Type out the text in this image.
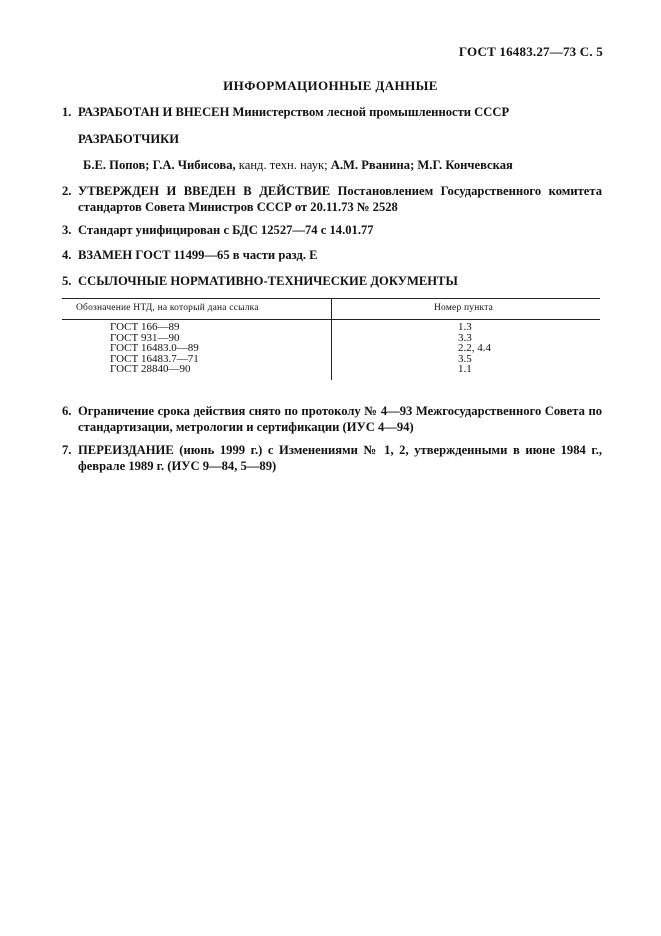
ГОСТ 16483.27—73 С. 5
ИНФОРМАЦИОННЫЕ ДАННЫЕ
1. РАЗРАБОТАН И ВНЕСЕН Министерством лесной промышленности СССР
РАЗРАБОТЧИКИ
Б.Е. Попов; Г.А. Чибисова, канд. техн. наук; А.М. Рванина; М.Г. Кончевская
2. УТВЕРЖДЕН И ВВЕДЕН В ДЕЙСТВИЕ Постановлением Государственного комитета стандартов Совета Министров СССР от 20.11.73 № 2528
3. Стандарт унифицирован с БДС 12527—74 с 14.01.77
4. ВЗАМЕН ГОСТ 11499—65 в части разд. Е
5. ССЫЛОЧНЫЕ НОРМАТИВНО-ТЕХНИЧЕСКИЕ ДОКУМЕНТЫ
Обозначение НТД, на который дана ссылка	Номер пункта
ГОСТ 166—89
ГОСТ 931—90
ГОСТ 16483.0—89
ГОСТ 16483.7—71
ГОСТ 28840—90
1.3
3.3
2.2, 4.4
3.5
1.1
6. Ограничение срока действия снято по протоколу № 4—93 Межгосударственного Совета по стандартизации, метрологии и сертификации (ИУС 4—94)
7. ПЕРЕИЗДАНИЕ (июнь 1999 г.) с Изменениями № 1, 2, утвержденными в июне 1984 г., феврале 1989 г. (ИУС 9—84, 5—89)
